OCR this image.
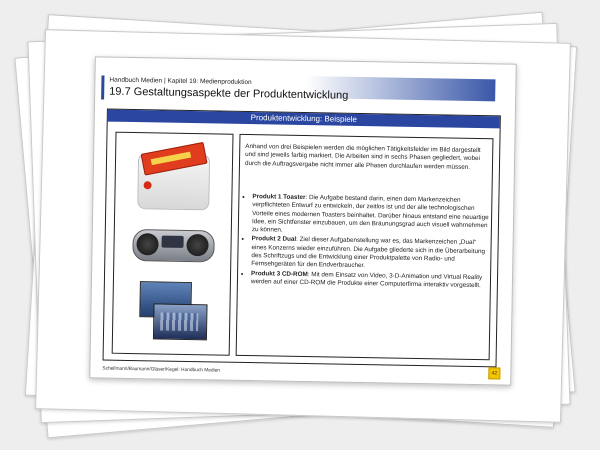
Handbuch Medien | Kapitel 19: Medienproduktion
19.7 Gestaltungsaspekte der Produktentwicklung
Produktentwicklung: Beispiele
Anhand von drei Beispielen werden die möglichen Tätigkeitsfelder im Bild dargestellt und sind jeweils farbig markiert. Die Arbeiten sind in sechs Phasen gegliedert, wobei durch die Auftragsvergabe nicht immer alle Phasen durchlaufen werden müssen.
• Produkt 1 Toaster: Die Aufgabe bestand darin, einen dem Markenzeichen verpflichteten Entwurf zu entwickeln, der zeitlos ist und der alle technologischen Vorteile eines modernen Toasters beinhaltet. Darüber hinaus entstand eine neuartige Idee, ein Sichtfenster einzubauen, um den Bräunungsgrad auch visuell wahrnehmen zu können.
• Produkt 2 Dual: Ziel dieser Aufgabenstellung war es, das Markenzeichen „Dual“ eines Konzerns wieder einzuführen. Die Aufgabe gliederte sich in die Überarbeitung des Schriftzugs und die Entwicklung einer Produktpalette von Radio- und Fernsehgeräten für den Endverbraucher.
• Produkt 3 CD-ROM: Mit dem Einsatz von Video, 3-D-Animation und Virtual Reality werden auf einer CD-ROM die Produkte einer Computerfirma interaktiv vorgestellt.
Schellmann/Baumann/Gläser/Kegel: Handbuch Medien	42
